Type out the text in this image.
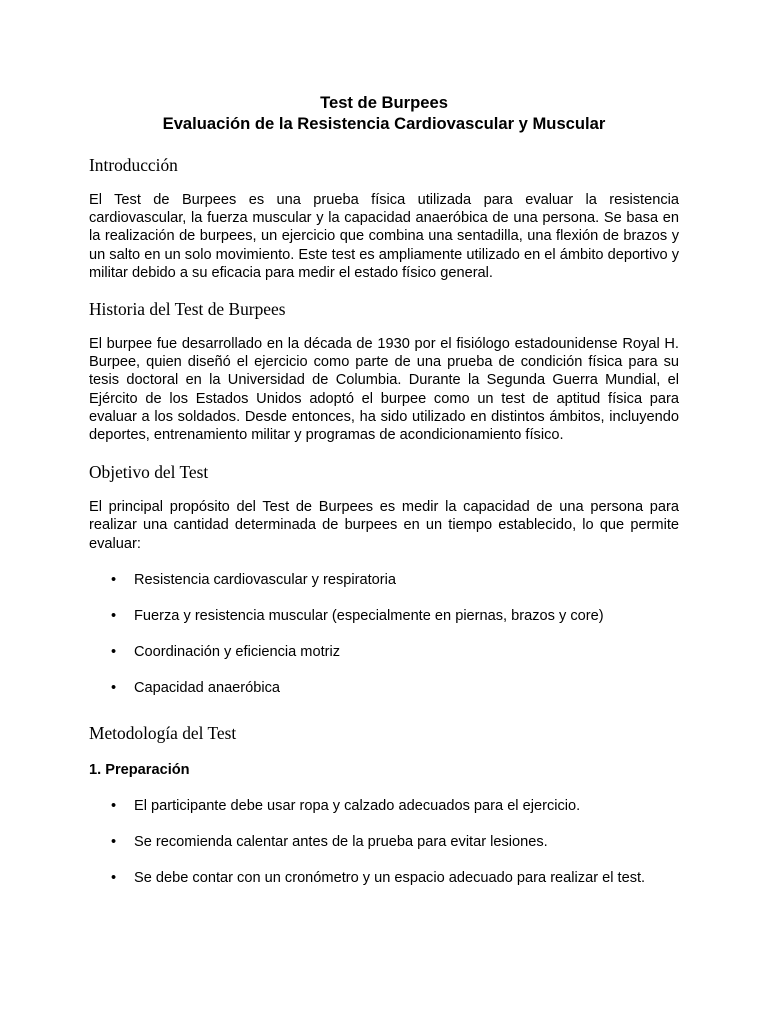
Test de Burpees

Evaluación de la Resistencia Cardiovascular y Muscular

Introducción

El Test de Burpees es una prueba física utilizada para evaluar la resistencia cardiovascular, la fuerza muscular y la capacidad anaeróbica de una persona. Se basa en la realización de burpees, un ejercicio que combina una sentadilla, una flexión de brazos y un salto en un solo movimiento. Este test es ampliamente utilizado en el ámbito deportivo y militar debido a su eficacia para medir el estado físico general.

Historia del Test de Burpees

El burpee fue desarrollado en la década de 1930 por el fisiólogo estadounidense Royal H. Burpee, quien diseñó el ejercicio como parte de una prueba de condición física para su tesis doctoral en la Universidad de Columbia. Durante la Segunda Guerra Mundial, el Ejército de los Estados Unidos adoptó el burpee como un test de aptitud física para evaluar a los soldados. Desde entonces, ha sido utilizado en distintos ámbitos, incluyendo deportes, entrenamiento militar y programas de acondicionamiento físico.

Objetivo del Test

El principal propósito del Test de Burpees es medir la capacidad de una persona para realizar una cantidad determinada de burpees en un tiempo establecido, lo que permite evaluar:

• Resistencia cardiovascular y respiratoria
• Fuerza y resistencia muscular (especialmente en piernas, brazos y core)
• Coordinación y eficiencia motriz
• Capacidad anaeróbica
Metodología del Test

1. Preparación

• El participante debe usar ropa y calzado adecuados para el ejercicio.
• Se recomienda calentar antes de la prueba para evitar lesiones.
• Se debe contar con un cronómetro y un espacio adecuado para realizar el test.
